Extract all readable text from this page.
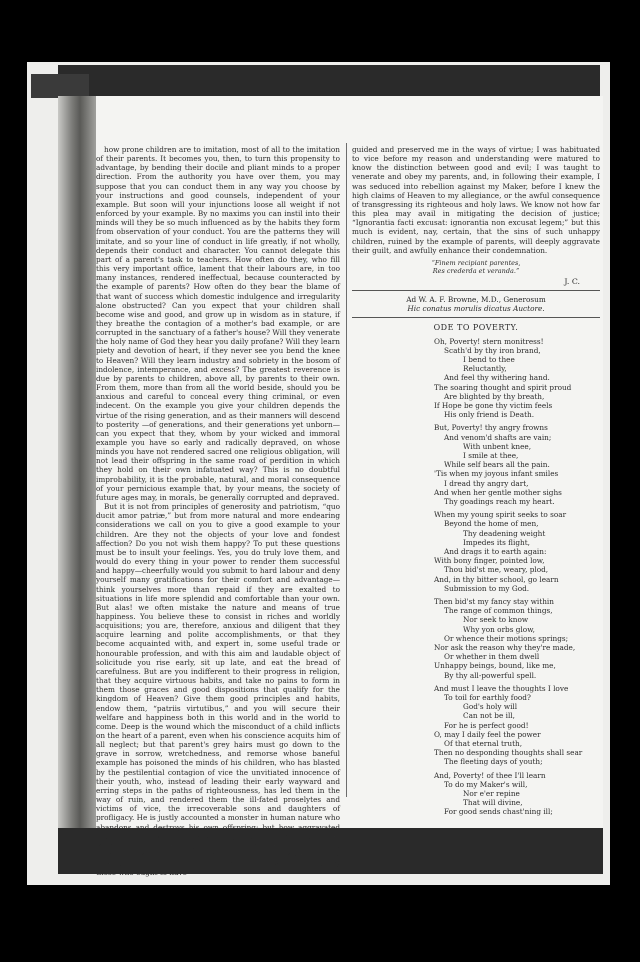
how prone children are to imitation, most of all to the imitation of their parents. It becomes you, then, to turn this propensity to advantage, by bending their docile and pliant minds to a proper direction. From the authority you have over them, you may suppose that you can conduct them in any way you choose by your instructions and good counsels, independent of your example. But soon will your injunctions loose all weight if not enforced by your example. By no maxims you can instil into their minds will they be so much influenced as by the habits they form from observation of your conduct. You are the patterns they will imitate, and so your line of conduct in life greatly, if not wholly, depends their conduct and character. You cannot delegate this part of a parent's task to teachers. How often do they, who fill this very important office, lament that their labours are, in too many instances, rendered ineffectual, because counteracted by the example of parents? How often do they bear the blame of that want of success which domestic indulgence and irregularity alone obstructed? Can you expect that your children shall become wise and good, and grow up in wisdom as in stature, if they breathe the contagion of a mother's bad example, or are corrupted in the sanctuary of a father's house? Will they venerate the holy name of God they hear you daily profane? Will they learn piety and devotion of heart, if they never see you bend the knee to Heaven? Will they learn industry and sobriety in the bosom of indolence, intemperance, and excess? The greatest reverence is due by parents to children, above all, by parents to their own. From them, more than from all the world beside, should you be anxious and careful to conceal every thing criminal, or even indecent. On the example you give your children depends the virtue of the rising generation, and as their manners will descend to posterity —of generations, and their generations yet unborn—can you expect that they, whom by your wicked and immoral example you have so early and radically depraved, on whose minds you have not rendered sacred one religious obligation, will not lead their offspring in the same road of perdition in which they hold on their own infatuated way? This is no doubtful improbability, it is the probable, natural, and moral consequence of your pernicious example that, by your means, the society of future ages may, in morals, be generally corrupted and depraved.

But it is not from principles of generosity and patriotism, “quo ducit amor patriæ,” but from more natural and more endearing considerations we call on you to give a good example to your children. Are they not the objects of your love and fondest affection? Do you not wish them happy? To put these questions must be to insult your feelings. Yes, you do truly love them, and would do every thing in your power to render them successful and happy—cheerfully would you submit to hard labour and deny yourself many gratifications for their comfort and advantage—think yourselves more than repaid if they are exalted to situations in life more splendid and comfortable than your own. But alas! we often mistake the nature and means of true happiness. You believe these to consist in riches and worldly acquisitions; you are, therefore, anxious and diligent that they acquire learning and polite accomplishments, or that they become acquainted with, and expert in, some useful trade or honourable profession, and with this aim and laudable object of solicitude you rise early, sit up late, and eat the bread of carefulness. But are you indifferent to their progress in religion, that they acquire virtuous habits, and take no pains to form in them those graces and good dispositions that qualify for the kingdom of Heaven? Give them good principles and habits, endow them, “patriis virtutibus,” and you will secure their welfare and happiness both in this world and in the world to come. Deep is the wound which the misconduct of a child inflicts on the heart of a parent, even when his conscience acquits him of all neglect; but that parent's grey hairs must go down to the grave in sorrow, wretchedness, and remorse whose baneful example has poisoned the minds of his children, who has blasted by the pestilential contagion of vice the unvitiated innocence of their youth, who, instead of leading their early wayward and erring steps in the paths of righteousness, has led them in the way of ruin, and rendered them the ill-fated proselytes and victims of vice, the irrecoverable sons and daughters of profligacy. He is justly accounted a monster in human nature who abandons and destroys his own offspring: but how aggravated the guilt of those parents who, by their pernicious example, murder not only the body but the soul. At the bar of a future judgment, may not such a child, ruined and misled by his parents, plead in accusation against them, “I was corrupted by those who ought to have

guided and preserved me in the ways of virtue; I was habituated to vice before my reason and understanding were matured to know the distinction between good and evil; I was taught to venerate and obey my parents, and, in following their example, I was seduced into rebellion against my Maker, before I knew the high claims of Heaven to my allegiance, or the awful consequence of transgressing its righteous and holy laws. We know not how far this plea may avail in mitigating the decision of justice; “Ignorantia facti excusat: ignorantia non excusat legem;” but this much is evident, nay, certain, that the sins of such unhappy children, ruined by the example of parents, will deeply aggravate their guilt, and awfully enhance their condemnation.

“Finem recipiant parentes,
Res crederda et veranda.”
J. C.
Ad W. A. F. Browne, M.D., Generosum
Hic conatus morulis dicatus Auctore.
ODE TO POVERTY.
Oh, Poverty! stern monitress!
Scath'd by thy iron brand,
I bend to thee
Reluctantly,
And feel thy withering hand.
The soaring thought and spirit proud
Are blighted by thy breath,
If Hope be gone thy victim feels
His only friend is Death.
But, Poverty! thy angry frowns
And venom'd shafts are vain;
With unbent knee,
I smile at thee,
While self bears all the pain.
'Tis when my joyous infant smiles
I dread thy angry dart,
And when her gentle mother sighs
Thy goadings reach my heart.
When my young spirit seeks to soar
Beyond the home of men,
Thy deadening weight
Impedes its flight,
And drags it to earth again:
With bony finger, pointed low,
Thou bid'st me, weary, plod,
And, in thy bitter school, go learn
Submission to my God.
Then bid'st my fancy stay within
The range of common things,
Nor seek to know
Why yon orbs glow,
Or whence their motions springs;
Nor ask the reason why they're made,
Or whether in them dwell
Unhappy beings, bound, like me,
By thy all-powerful spell.
And must I leave the thoughts I love
To toil for earthly food?
God's holy will
Can not be ill,
For he is perfect good!
O, may I daily feel the power
Of that eternal truth,
Then no desponding thoughts shall sear
The fleeting days of youth;
And, Poverty! of thee I'll learn
To do my Maker's will,
Nor e'er repine
That will divine,
For good sends chast'ning ill;
